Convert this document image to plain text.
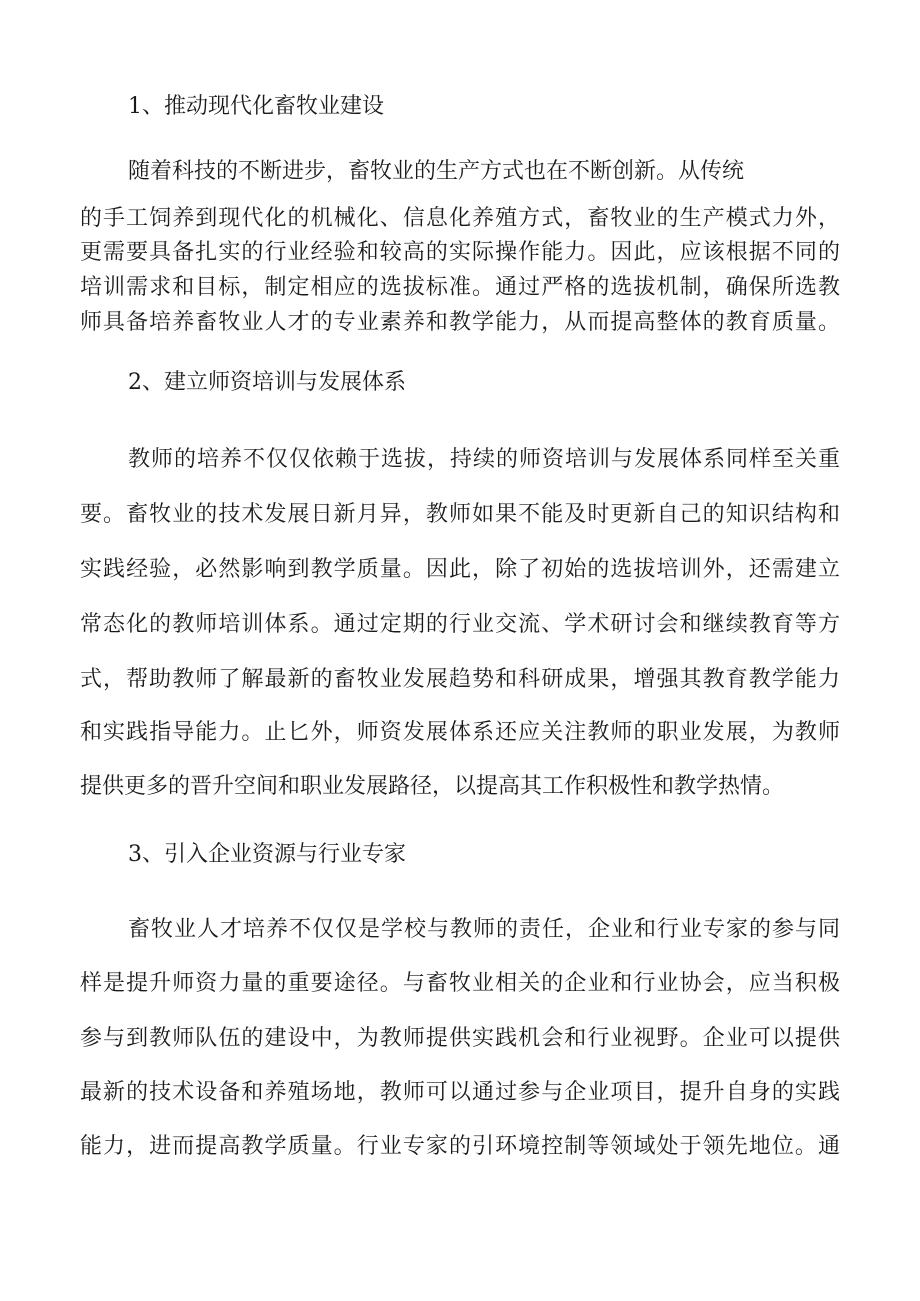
1、推动现代化畜牧业建设
随着科技的不断进步，畜牧业的生产方式也在不断创新。从传统
的手工饲养到现代化的机械化、信息化养殖方式，畜牧业的生产模式力外，
更需要具备扎实的行业经验和较高的实际操作能力。因此，应该根据不同的
培训需求和目标，制定相应的选拔标准。通过严格的选拔机制，确保所选教
师具备培养畜牧业人才的专业素养和教学能力，从而提高整体的教育质量。
2、建立师资培训与发展体系
教师的培养不仅仅依赖于选拔，持续的师资培训与发展体系同样至关重
要。畜牧业的技术发展日新月异，教师如果不能及时更新自己的知识结构和
实践经验，必然影响到教学质量。因此，除了初始的选拔培训外，还需建立
常态化的教师培训体系。通过定期的行业交流、学术研讨会和继续教育等方
式，帮助教师了解最新的畜牧业发展趋势和科研成果，增强其教育教学能力
和实践指导能力。止匕外，师资发展体系还应关注教师的职业发展，为教师
提供更多的晋升空间和职业发展路径，以提高其工作积极性和教学热情。
3、引入企业资源与行业专家
畜牧业人才培养不仅仅是学校与教师的责任，企业和行业专家的参与同
样是提升师资力量的重要途径。与畜牧业相关的企业和行业协会，应当积极
参与到教师队伍的建设中，为教师提供实践机会和行业视野。企业可以提供
最新的技术设备和养殖场地，教师可以通过参与企业项目，提升自身的实践
能力，进而提高教学质量。行业专家的引环境控制等领域处于领先地位。通
